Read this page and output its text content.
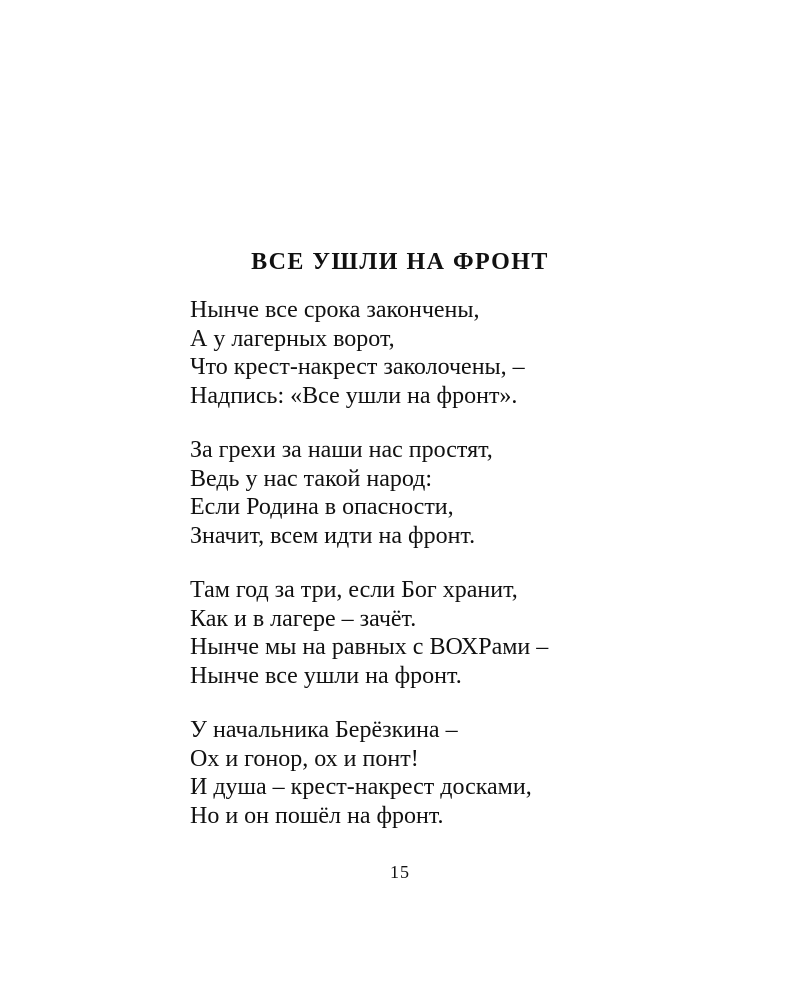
ВСЕ УШЛИ НА ФРОНТ
Нынче все срока закончены,
А у лагерных ворот,
Что крест-накрест заколочены, –
Надпись: «Все ушли на фронт».
За грехи за наши нас простят,
Ведь у нас такой народ:
Если Родина в опасности,
Значит, всем идти на фронт.
Там год за три, если Бог хранит,
Как и в лагере – зачёт.
Нынче мы на равных с ВОХРами –
Нынче все ушли на фронт.
У начальника Берёзкина –
Ох и гонор, ох и понт!
И душа – крест-накрест досками,
Но и он пошёл на фронт.
15
